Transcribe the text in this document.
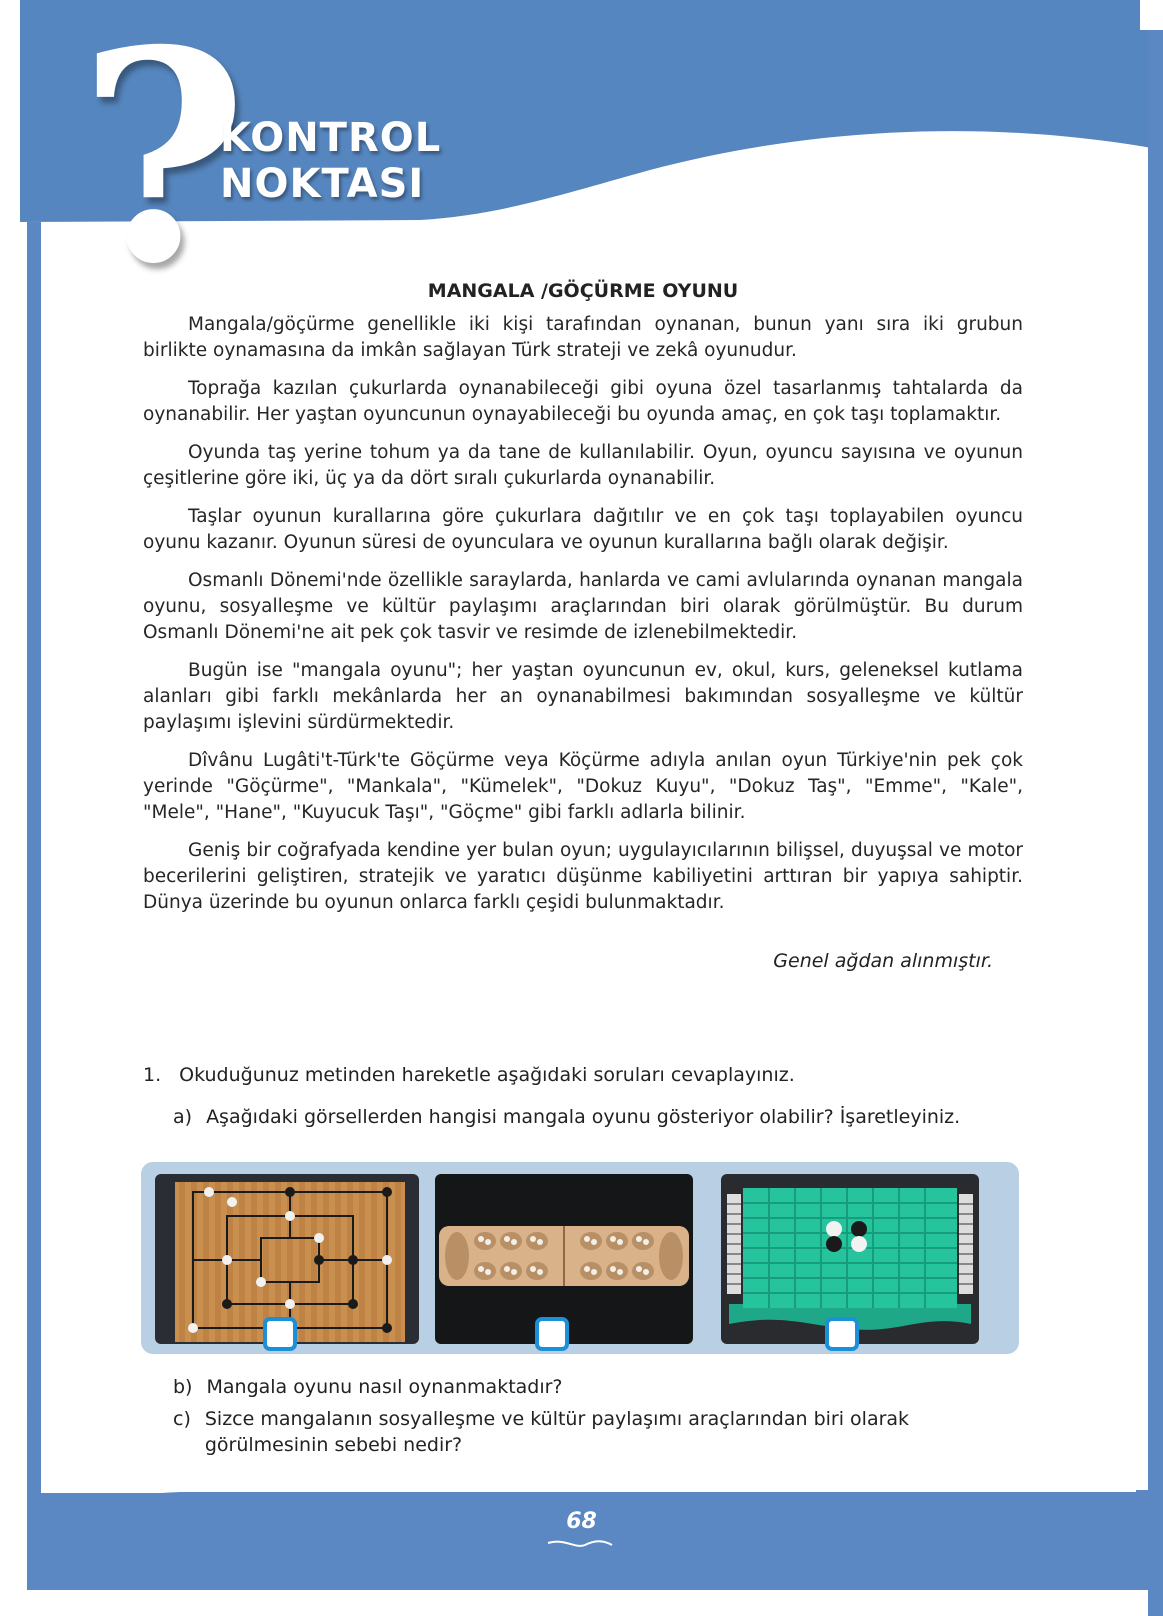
?
KONTROL
NOKTASI
MANGALA /GÖÇÜRME OYUNU

Mangala/göçürme genellikle iki kişi tarafından oynanan, bunun yanı sıra iki grubun birlikte oynamasına da imkân sağlayan Türk strateji ve zekâ oyunudur.

Toprağa kazılan çukurlarda oynanabileceği gibi oyuna özel tasarlanmış tahtalarda da oynanabilir. Her yaştan oyuncunun oynayabileceği bu oyunda amaç, en çok taşı toplamaktır.

Oyunda taş yerine tohum ya da tane de kullanılabilir. Oyun, oyuncu sayısına ve oyunun çeşitlerine göre iki, üç ya da dört sıralı çukurlarda oynanabilir.

Taşlar oyunun kurallarına göre çukurlara dağıtılır ve en çok taşı toplayabilen oyuncu oyunu kazanır. Oyunun süresi de oyunculara ve oyunun kurallarına bağlı olarak değişir.

Osmanlı Dönemi'nde özellikle saraylarda, hanlarda ve cami avlularında oynanan mangala oyunu, sosyalleşme ve kültür paylaşımı araçlarından biri olarak görülmüştür. Bu durum Osmanlı Dönemi'ne ait pek çok tasvir ve resimde de izlenebilmektedir.

Bugün ise "mangala oyunu"; her yaştan oyuncunun ev, okul, kurs, geleneksel kutlama alanları gibi farklı mekânlarda her an oynanabilmesi bakımından sosyalleşme ve kültür paylaşımı işlevini sürdürmektedir.

Dîvânu Lugâti't-Türk'te Göçürme veya Köçürme adıyla anılan oyun Türkiye'nin pek çok yerinde "Göçürme", "Mankala", "Kümelek", "Dokuz Kuyu", "Dokuz Taş", "Emme", "Kale", "Mele", "Hane", "Kuyucuk Taşı", "Göçme" gibi farklı adlarla bilinir.

Geniş bir coğrafyada kendine yer bulan oyun; uygulayıcılarının bilişsel, duyuşsal ve motor becerilerini geliştiren, stratejik ve yaratıcı düşünme kabiliyetini arttıran bir yapıya sahiptir. Dünya üzerinde bu oyunun onlarca farklı çeşidi bulunmaktadır.

Genel ağdan alınmıştır.
1. Okuduğunuz metinden hareketle aşağıdaki soruları cevaplayınız.
a) Aşağıdaki görsellerden hangisi mangala oyunu gösteriyor olabilir? İşaretleyiniz.
b) Mangala oyunu nasıl oynanmaktadır?
c) Sizce mangalanın sosyalleşme ve kültür paylaşımı araçlarından biri olarak görülmesinin sebebi nedir?
68
